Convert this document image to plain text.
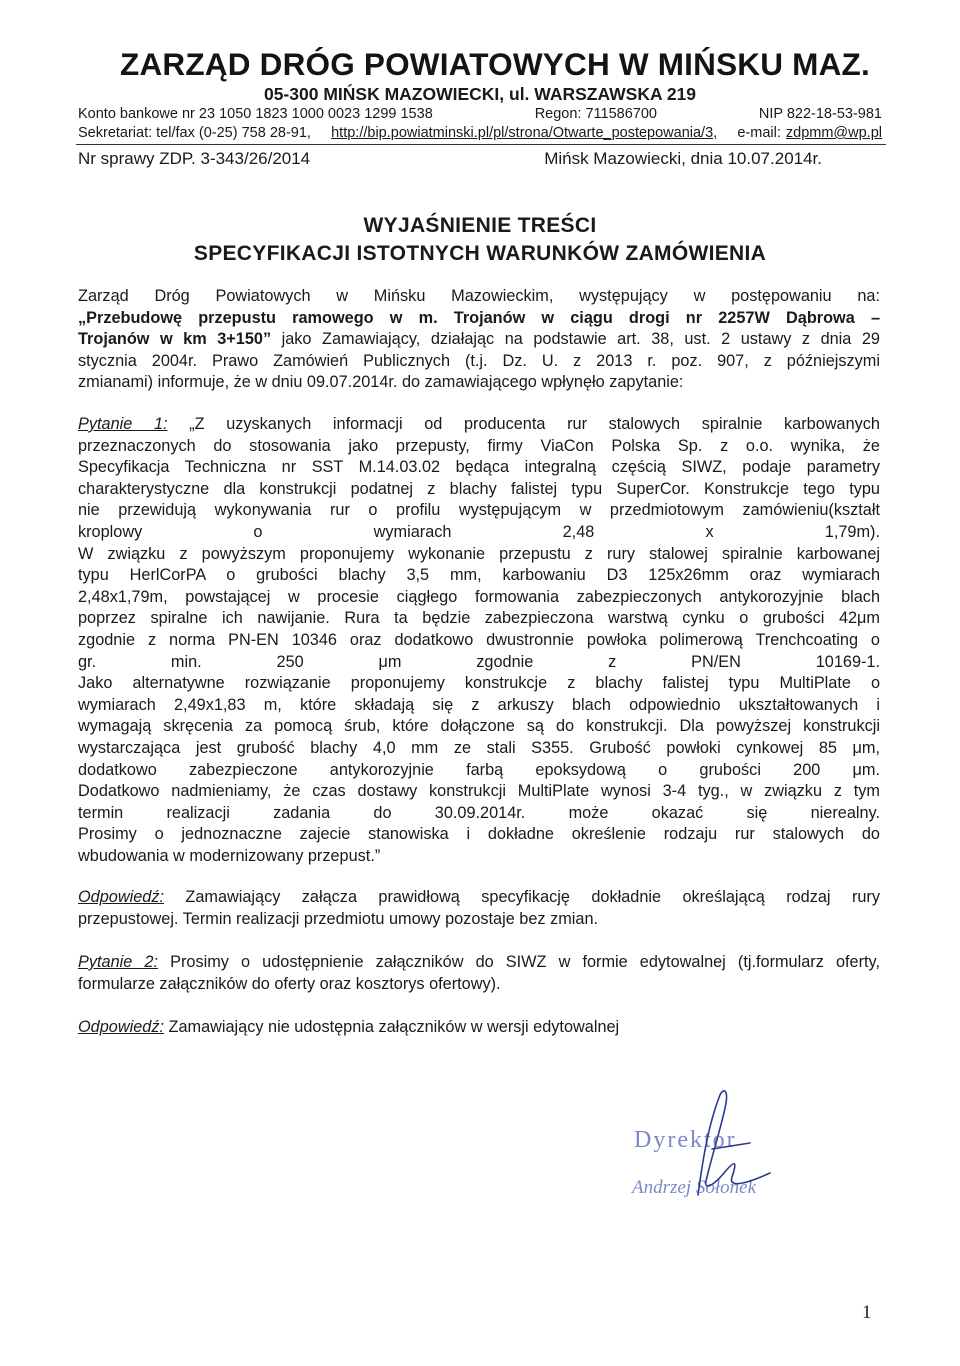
ZARZĄD DRÓG POWIATOWYCH W MIŃSKU MAZ.
05-300 MIŃSK MAZOWIECKI, ul. WARSZAWSKA 219
Konto bankowe nr 23 1050 1823 1000 0023 1299 1538	Regon: 711586700	NIP 822-18-53-981
Sekretariat: tel/fax (0-25) 758 28-91, http://bip.powiatminski.pl/pl/strona/Otwarte_postepowania/3, e-mail: zdpmm@wp.pl
Nr sprawy ZDP. 3-343/26/2014	Mińsk Mazowiecki, dnia 10.07.2014r.
WYJAŚNIENIE TREŚCI
SPECYFIKACJI ISTOTNYCH WARUNKÓW ZAMÓWIENIA
Zarząd Dróg Powiatowych w Mińsku Mazowieckim, występujący w postępowaniu na:
„Przebudowę przepustu ramowego w m. Trojanów w ciągu drogi nr 2257W Dąbrowa –
Trojanów w km 3+150” jako Zamawiający, działając na podstawie art. 38, ust. 2 ustawy z dnia 29
stycznia 2004r. Prawo Zamówień Publicznych (t.j. Dz. U. z 2013 r. poz. 907, z późniejszymi
zmianami) informuje, że w dniu 09.07.2014r. do zamawiającego wpłynęło zapytanie:
Pytanie 1: „Z uzyskanych informacji od producenta rur stalowych spiralnie karbowanych
przeznaczonych do stosowania jako przepusty, firmy ViaCon Polska Sp. z o.o. wynika, że
Specyfikacja Techniczna nr SST M.14.03.02 będąca integralną częścią SIWZ, podaje parametry
charakterystyczne dla konstrukcji podatnej z blachy falistej typu SuperCor. Konstrukcje tego typu
nie przewidują wykonywania rur o profilu występującym w przedmiotowym zamówieniu(kształt
kroplowy o wymiarach 2,48 x 1,79m).
W związku z powyższym proponujemy wykonanie przepustu z rury stalowej spiralnie karbowanej
typu HerlCorPA o grubości blachy 3,5 mm, karbowaniu D3 125x26mm oraz wymiarach
2,48x1,79m, powstającej w procesie ciągłego formowania zabezpieczonych antykorozyjnie blach
poprzez spiralne ich nawijanie. Rura ta będzie zabezpieczona warstwą cynku o grubości 42μm
zgodnie z norma PN-EN 10346 oraz dodatkowo dwustronnie powłoka polimerową Trenchcoating o
gr. min. 250 μm zgodnie z PN/EN 10169-1.
Jako alternatywne rozwiązanie proponujemy konstrukcje z blachy falistej typu MultiPlate o
wymiarach 2,49x1,83 m, które składają się z arkuszy blach odpowiednio ukształtowanych i
wymagają skręcenia za pomocą śrub, które dołączone są do konstrukcji. Dla powyższej konstrukcji
wystarczająca jest grubość blachy 4,0 mm ze stali S355. Grubość powłoki cynkowej 85 μm,
dodatkowo zabezpieczone antykorozyjnie farbą epoksydową o grubości 200 μm.
Dodatkowo nadmieniamy, że czas dostawy konstrukcji MultiPlate wynosi 3-4 tyg., w związku z tym
termin realizacji zadania do 30.09.2014r. może okazać się nierealny.
Prosimy o jednoznaczne zajecie stanowiska i dokładne określenie rodzaju rur stalowych do
wbudowania w modernizowany przepust.”
Odpowiedź: Zamawiający załącza prawidłową specyfikację dokładnie określającą rodzaj rury
przepustowej. Termin realizacji przedmiotu umowy pozostaje bez zmian.
Pytanie 2: Prosimy o udostępnienie załączników do SIWZ w formie edytowalnej (tj.formularz oferty,
formularze załączników do oferty oraz kosztorys ofertowy).
Odpowiedź: Zamawiający nie udostępnia załączników w wersji edytowalnej
Dyrektor
Andrzej Sołonek
1
